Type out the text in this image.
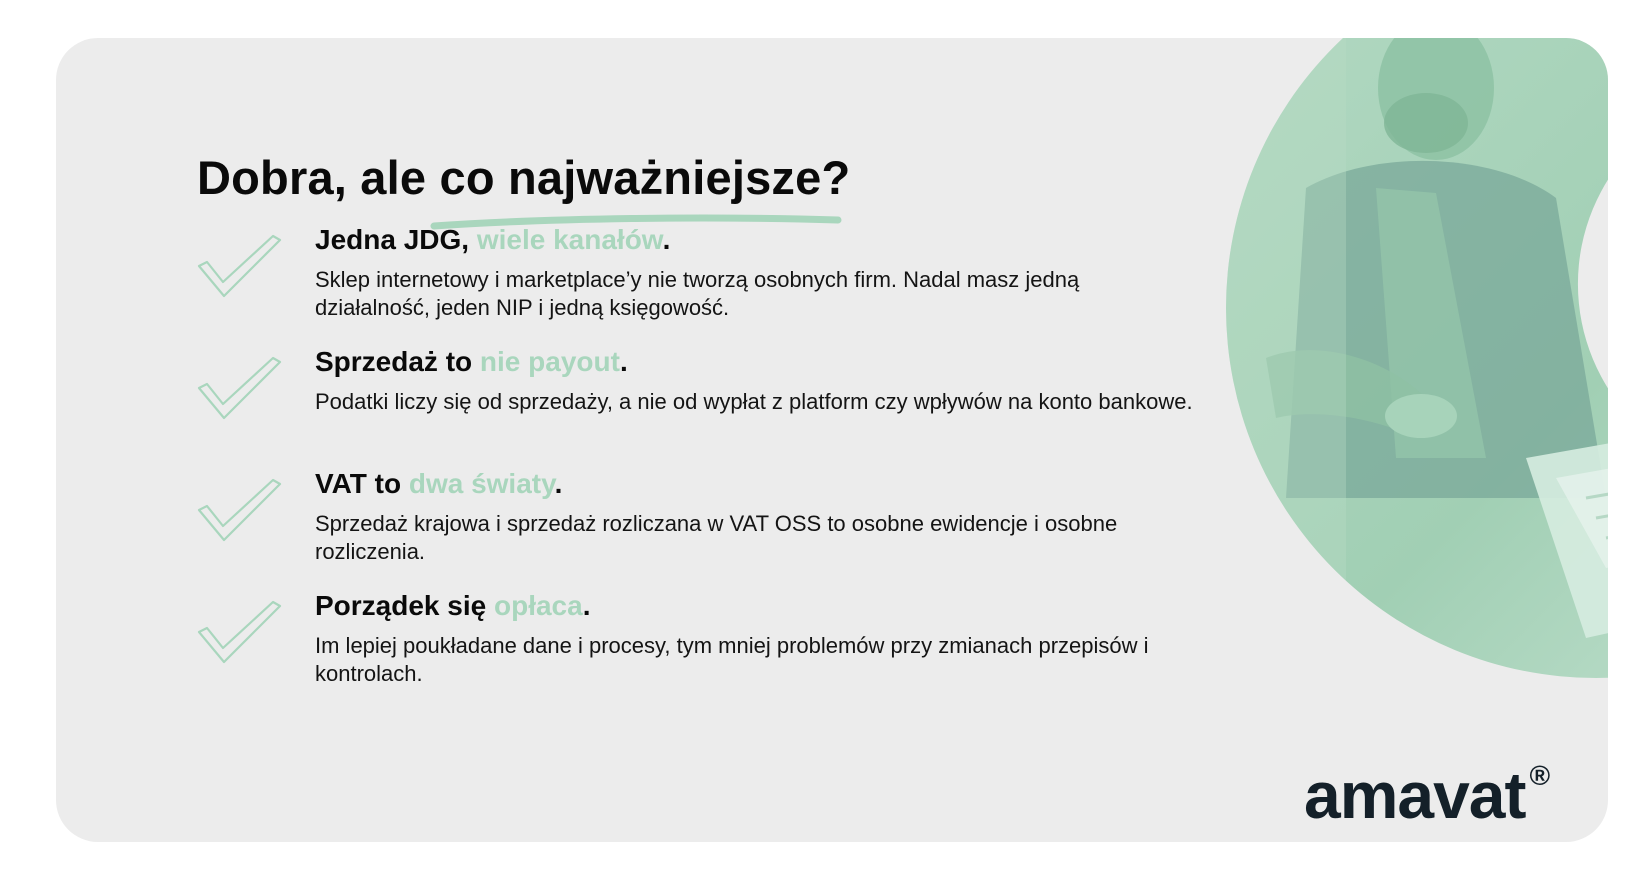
Dobra, ale co najważniejsze?

Jedna JDG, wiele kanałów.

Sklep internetowy i marketplace’y nie tworzą osobnych firm. Nadal masz jedną działalność, jeden NIP i jedną księgowość.

Sprzedaż to nie payout.

Podatki liczy się od sprzedaży, a nie od wypłat z platform czy wpływów na konto bankowe.

VAT to dwa światy.

Sprzedaż krajowa i sprzedaż rozliczana w VAT OSS to osobne ewidencje i osobne rozliczenia.

Porządek się opłaca.

Im lepiej poukładane dane i procesy, tym mniej problemów przy zmianach przepisów i kontrolach.

amavat ®
